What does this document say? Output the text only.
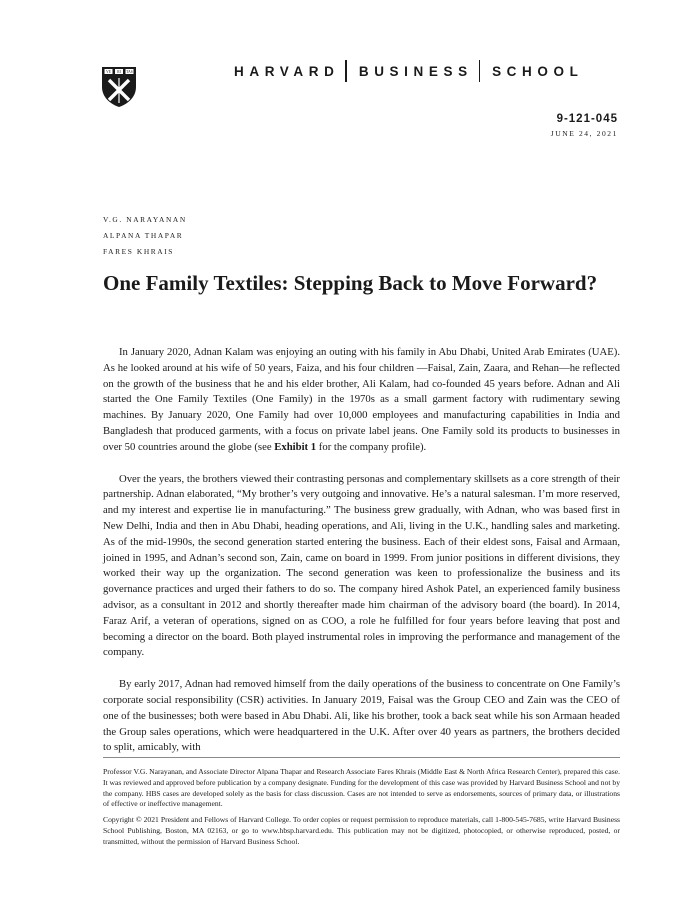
VE RI TAS	HARVARD BUSINESS SCHOOL
9-121-045
JUNE 24, 2021
V.G. NARAYANAN
ALPANA THAPAR
FARES KHRAIS
One Family Textiles: Stepping Back to Move Forward?

In January 2020, Adnan Kalam was enjoying an outing with his family in Abu Dhabi, United Arab Emirates (UAE). As he looked around at his wife of 50 years, Faiza, and his four children —Faisal, Zain, Zaara, and Rehan—he reflected on the growth of the business that he and his elder brother, Ali Kalam, had co-founded 45 years before. Adnan and Ali started the One Family Textiles (One Family) in the 1970s as a small garment factory with rudimentary sewing machines. By January 2020, One Family had over 10,000 employees and manufacturing capabilities in India and Bangladesh that produced garments, with a focus on private label jeans. One Family sold its products to businesses in over 50 countries around the globe (see Exhibit 1 for the company profile).

Over the years, the brothers viewed their contrasting personas and complementary skillsets as a core strength of their partnership. Adnan elaborated, “My brother’s very outgoing and innovative. He’s a natural salesman. I’m more reserved, and my interest and expertise lie in manufacturing.” The business grew gradually, with Adnan, who was based first in New Delhi, India and then in Abu Dhabi, heading operations, and Ali, living in the U.K., handling sales and marketing. As of the mid-1990s, the second generation started entering the business. Each of their eldest sons, Faisal and Armaan, joined in 1995, and Adnan’s second son, Zain, came on board in 1999. From junior positions in different divisions, they worked their way up the organization. The second generation was keen to professionalize the business and its governance practices and urged their fathers to do so. The company hired Ashok Patel, an experienced family business advisor, as a consultant in 2012 and shortly thereafter made him chairman of the advisory board (the board). In 2014, Faraz Arif, a veteran of operations, signed on as COO, a role he fulfilled for four years before leaving that post and becoming a director on the board. Both played instrumental roles in improving the performance and management of the company.

By early 2017, Adnan had removed himself from the daily operations of the business to concentrate on One Family’s corporate social responsibility (CSR) activities. In January 2019, Faisal was the Group CEO and Zain was the CEO of one of the businesses; both were based in Abu Dhabi. Ali, like his brother, took a back seat while his son Armaan headed the Group sales operations, which were headquartered in the U.K. After over 40 years as partners, the brothers decided to split, amicably, with

Professor V.G. Narayanan, and Associate Director Alpana Thapar and Research Associate Fares Khrais (Middle East & North Africa Research Center), prepared this case. It was reviewed and approved before publication by a company designate. Funding for the development of this case was provided by Harvard Business School and not by the company. HBS cases are developed solely as the basis for class discussion. Cases are not intended to serve as endorsements, sources of primary data, or illustrations of effective or ineffective management.

Copyright © 2021 President and Fellows of Harvard College. To order copies or request permission to reproduce materials, call 1-800-545-7685, write Harvard Business School Publishing, Boston, MA 02163, or go to www.hbsp.harvard.edu. This publication may not be digitized, photocopied, or otherwise reproduced, posted, or transmitted, without the permission of Harvard Business School.
